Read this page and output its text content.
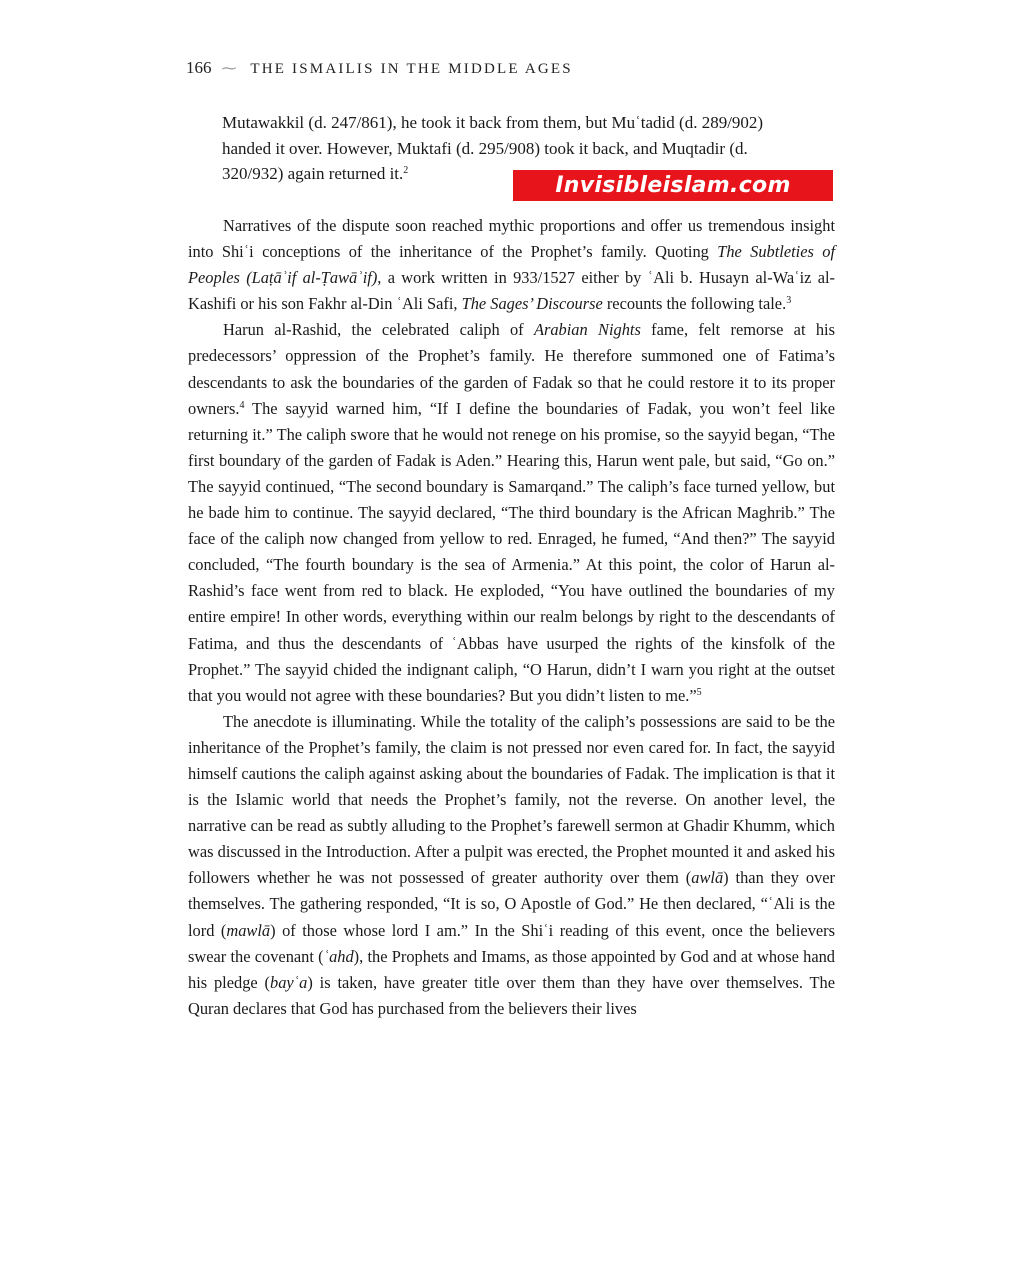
166 ⁓ THE ISMAILIS IN THE MIDDLE AGES
Mutawakkil (d. 247/861), he took it back from them, but Muʿtadid (d. 289/902) handed it over. However, Muktafi (d. 295/908) took it back, and Muqtadir (d. 320/932) again returned it.$^2$
Invisibleislam.com

Narratives of the dispute soon reached mythic proportions and offer us tremendous insight into Shiʿi conceptions of the inheritance of the Prophet’s family. Quoting The Subtleties of Peoples (Laṭāʾif al-Ṭawāʾif), a work written in 933/1527 either by ʿAli b. Husayn al-Waʿiz al-Kashifi or his son Fakhr al-Din ʿAli Safi, The Sages’ Discourse recounts the following tale.$^3$

Harun al-Rashid, the celebrated caliph of Arabian Nights fame, felt remorse at his predecessors’ oppression of the Prophet’s family. He therefore summoned one of Fatima’s descendants to ask the boundaries of the garden of Fadak so that he could restore it to its proper owners.$^4$ The sayyid warned him, “If I define the boundaries of Fadak, you won’t feel like returning it.” The caliph swore that he would not renege on his promise, so the sayyid began, “The first boundary of the garden of Fadak is Aden.” Hearing this, Harun went pale, but said, “Go on.” The sayyid continued, “The second boundary is Samarqand.” The caliph’s face turned yellow, but he bade him to continue. The sayyid declared, “The third boundary is the African Maghrib.” The face of the caliph now changed from yellow to red. Enraged, he fumed, “And then?” The sayyid concluded, “The fourth boundary is the sea of Armenia.” At this point, the color of Harun al-Rashid’s face went from red to black. He exploded, “You have outlined the boundaries of my entire empire! In other words, everything within our realm belongs by right to the descendants of Fatima, and thus the descendants of ʿAbbas have usurped the rights of the kinsfolk of the Prophet.” The sayyid chided the indignant caliph, “O Harun, didn’t I warn you right at the outset that you would not agree with these boundaries? But you didn’t listen to me.”$^5$

The anecdote is illuminating. While the totality of the caliph’s possessions are said to be the inheritance of the Prophet’s family, the claim is not pressed nor even cared for. In fact, the sayyid himself cautions the caliph against asking about the boundaries of Fadak. The implication is that it is the Islamic world that needs the Prophet’s family, not the reverse. On another level, the narrative can be read as subtly alluding to the Prophet’s farewell sermon at Ghadir Khumm, which was discussed in the Introduction. After a pulpit was erected, the Prophet mounted it and asked his followers whether he was not possessed of greater authority over them (awlā) than they over themselves. The gathering responded, “It is so, O Apostle of God.” He then declared, “ʿAli is the lord (mawlā) of those whose lord I am.” In the Shiʿi reading of this event, once the believers swear the covenant (ʿahd), the Prophets and Imams, as those appointed by God and at whose hand his pledge (bayʿa) is taken, have greater title over them than they have over themselves. The Quran declares that God has purchased from the believers their lives
